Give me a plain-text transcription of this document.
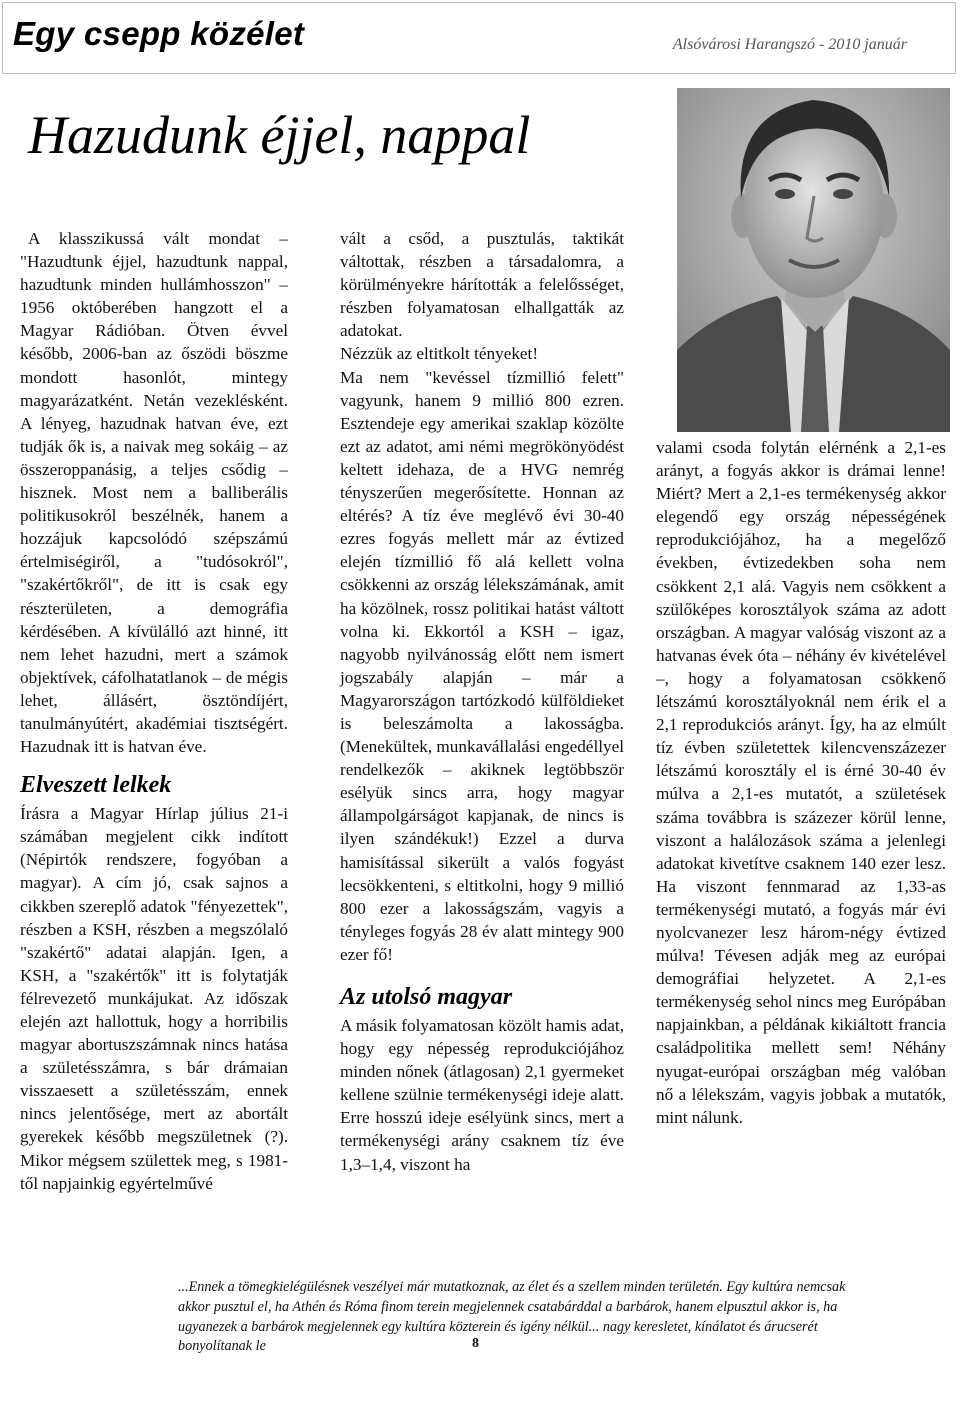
Egy csepp közélet	Alsóvárosi Harangszó - 2010 január
Hazudunk éjjel, nappal

A klasszikussá vált mondat – "Hazudtunk éjjel, hazudtunk nappal, hazudtunk minden hullámhosszon" – 1956 októberében hangzott el a Magyar Rádióban. Ötven évvel később, 2006-ban az őszödi böszme mondott hasonlót, mintegy magyarázatként. Netán vezeklésként. A lényeg, hazudnak hatvan éve, ezt tudják ők is, a naivak meg sokáig – az összeroppanásig, a teljes csődig – hisznek. Most nem a balliberális politikusokról beszélnék, hanem a hozzájuk kapcsolódó szépszámú értelmiségiről, a "tudósokról", "szakértőkről", de itt is csak egy részterületen, a demográfia kérdésében. A kívülálló azt hinné, itt nem lehet hazudni, mert a számok objektívek, cáfolhatatlanok – de mégis lehet, állásért, ösztöndíjért, tanulmányútért, akadémiai tisztségért. Hazudnak itt is hatvan éve.

Elveszett lelkek

Írásra a Magyar Hírlap július 21-i számában megjelent cikk indított (Népirtók rendszere, fogyóban a magyar). A cím jó, csak sajnos a cikkben szereplő adatok "fényezettek", részben a KSH, részben a megszólaló "szakértő" adatai alapján. Igen, a KSH, a "szakértők" itt is folytatják félrevezető munkájukat. Az időszak elején azt hallottuk, hogy a horribilis magyar abortuszszámnak nincs hatása a születésszámra, s bár drámaian visszaesett a születésszám, ennek nincs jelentősége, mert az abortált gyerekek később megszületnek (?). Mikor mégsem születtek meg, s 1981-től napjainkig egyértelművé

vált a csőd, a pusztulás, taktikát váltottak, részben a társadalomra, a körülményekre hárították a felelősséget, részben folyamatosan elhallgatták az adatokat.

Nézzük az eltitkolt tényeket!

Ma nem "kevéssel tízmillió felett" vagyunk, hanem 9 millió 800 ezren. Esztendeje egy amerikai szaklap közölte ezt az adatot, ami némi megrökönyödést keltett idehaza, de a HVG nemrég tényszerűen megerősítette. Honnan az eltérés? A tíz éve meglévő évi 30-40 ezres fogyás mellett már az évtized elején tízmillió fő alá kellett volna csökkenni az ország lélekszámának, amit ha közölnek, rossz politikai hatást váltott volna ki. Ekkortól a KSH – igaz, nagyobb nyilvánosság előtt nem ismert jogszabály alapján – már a Magyarországon tartózkodó külföldieket is beleszámolta a lakosságba. (Menekültek, munkavállalási engedéllyel rendelkezők – akiknek legtöbbször esélyük sincs arra, hogy magyar állampolgárságot kapjanak, de nincs is ilyen szándékuk!) Ezzel a durva hamisítással sikerült a valós fogyást lecsökkenteni, s eltitkolni, hogy 9 millió 800 ezer a lakosságszám, vagyis a tényleges fogyás 28 év alatt mintegy 900 ezer fő!

Az utolsó magyar

A másik folyamatosan közölt hamis adat, hogy egy népesség reprodukciójához minden nőnek (átlagosan) 2,1 gyermeket kellene szülnie termékenységi ideje alatt. Erre hosszú ideje esélyünk sincs, mert a termékenységi arány csaknem tíz éve 1,3–1,4, viszont ha

valami csoda folytán elérnénk a 2,1-es arányt, a fogyás akkor is drámai lenne! Miért? Mert a 2,1-es termékenység akkor elegendő egy ország népességének reprodukciójához, ha a megelőző években, évtizedekben soha nem csökkent 2,1 alá. Vagyis nem csökkent a szülőképes korosztályok száma az adott országban. A magyar valóság viszont az a hatvanas évek óta – néhány év kivételével –, hogy a folyamatosan csökkenő létszámú korosztályoknál nem érik el a 2,1 reprodukciós arányt. Így, ha az elmúlt tíz évben születettek kilencvenszázezer létszámú korosztály el is érné 30-40 év múlva a 2,1-es mutatót, a születések száma továbbra is százezer körül lenne, viszont a halálozások száma a jelenlegi adatokat kivetítve csaknem 140 ezer lesz. Ha viszont fennmarad az 1,33-as termékenységi mutató, a fogyás már évi nyolcvanezer lesz három-négy évtized múlva! Tévesen adják meg az európai demográfiai helyzetet. A 2,1-es termékenység sehol nincs meg Európában napjainkban, a példának kikiáltott francia családpolitika mellett sem! Néhány nyugat-európai országban még valóban nő a lélekszám, vagyis jobbak a mutatók, mint nálunk.

...Ennek a tömegkielégülésnek veszélyei már mutatkoznak, az élet és a szellem minden területén. Egy kultúra nemcsak akkor pusztul el, ha Athén és Róma finom terein megjelennek csatabárddal a barbárok, hanem elpusztul akkor is, ha ugyanezek a barbárok megjelennek egy kultúra közterein és igény nélkül... nagy keresletet, kínálatot és árucserét bonyolítanak le	8
